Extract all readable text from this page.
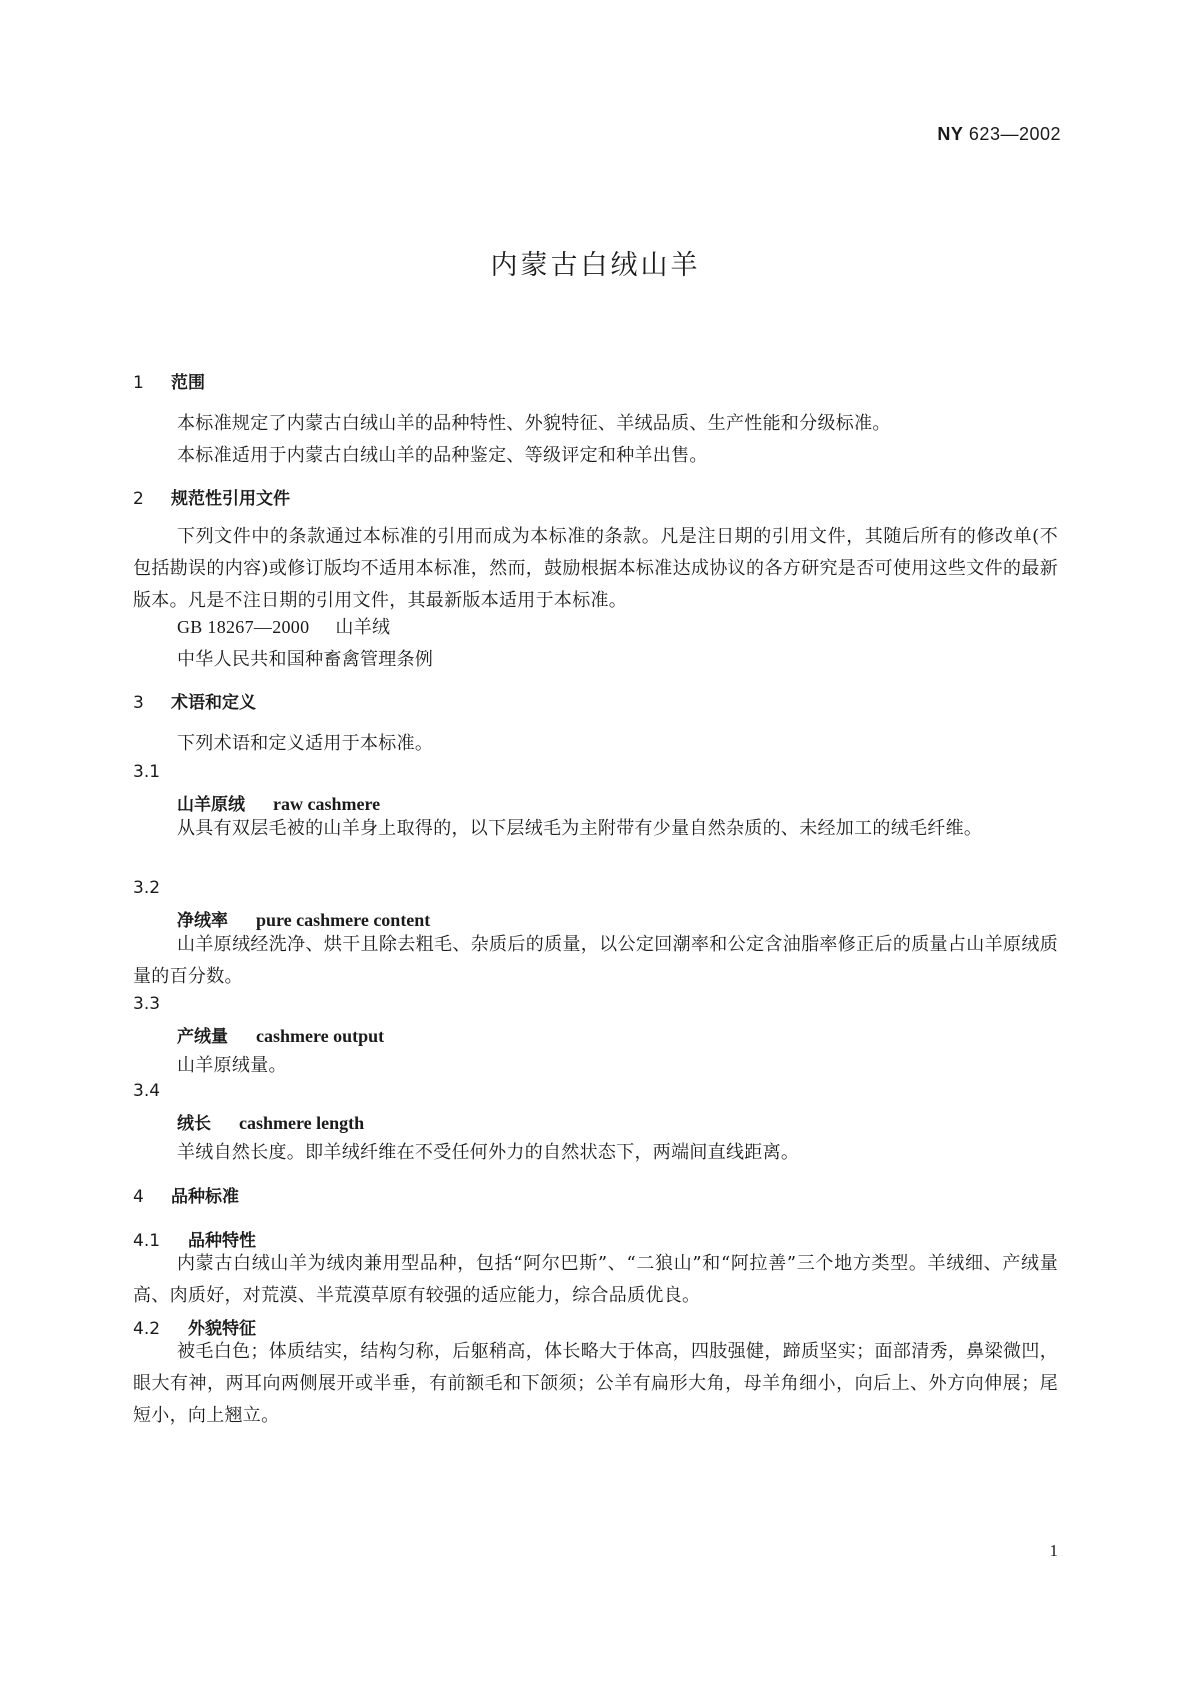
NY 623—2002
内蒙古白绒山羊
1 范围
本标准规定了内蒙古白绒山羊的品种特性、外貌特征、羊绒品质、生产性能和分级标准。
本标准适用于内蒙古白绒山羊的品种鉴定、等级评定和种羊出售。
2 规范性引用文件
下列文件中的条款通过本标准的引用而成为本标准的条款。凡是注日期的引用文件，其随后所有的修改单(不包括勘误的内容)或修订版均不适用本标准，然而，鼓励根据本标准达成协议的各方研究是否可使用这些文件的最新版本。凡是不注日期的引用文件，其最新版本适用于本标准。
GB 18267—2000 山羊绒
中华人民共和国种畜禽管理条例
3 术语和定义
下列术语和定义适用于本标准。
3.1
山羊原绒 raw cashmere
从具有双层毛被的山羊身上取得的，以下层绒毛为主附带有少量自然杂质的、未经加工的绒毛纤维。
3.2
净绒率 pure cashmere content
山羊原绒经洗净、烘干且除去粗毛、杂质后的质量，以公定回潮率和公定含油脂率修正后的质量占山羊原绒质量的百分数。
3.3
产绒量 cashmere output
山羊原绒量。
3.4
绒长 cashmere length
羊绒自然长度。即羊绒纤维在不受任何外力的自然状态下，两端间直线距离。
4 品种标准
4.1 品种特性
内蒙古白绒山羊为绒肉兼用型品种，包括“阿尔巴斯”、“二狼山”和“阿拉善”三个地方类型。羊绒细、产绒量高、肉质好，对荒漠、半荒漠草原有较强的适应能力，综合品质优良。
4.2 外貌特征
被毛白色；体质结实，结构匀称，后躯稍高，体长略大于体高，四肢强健，蹄质坚实；面部清秀，鼻梁微凹，眼大有神，两耳向两侧展开或半垂，有前额毛和下颌须；公羊有扁形大角，母羊角细小，向后上、外方向伸展；尾短小，向上翘立。
1
